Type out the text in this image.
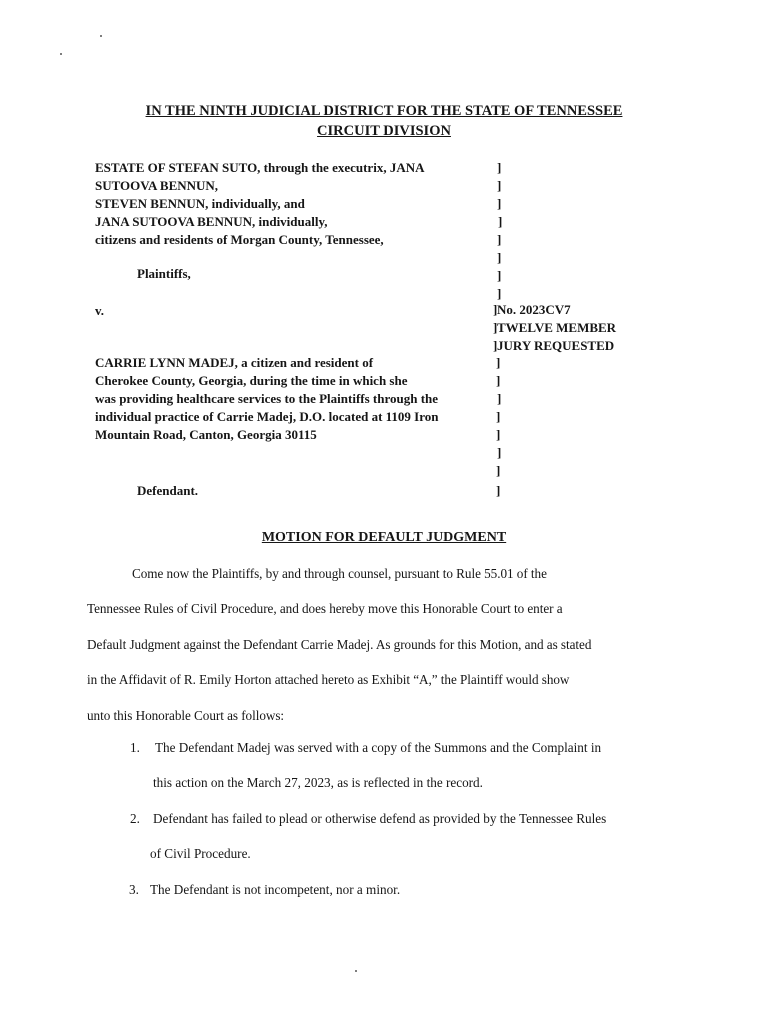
IN THE NINTH JUDICIAL DISTRICT FOR THE STATE OF TENNESSEE
CIRCUIT DIVISION
ESTATE OF STEFAN SUTO, through the executrix, JANA
SUTOOVA BENNUN,
STEVEN BENNUN, individually, and
JANA SUTOOVA BENNUN, individually,
citizens and residents of Morgan County, Tennessee,
Plaintiffs,
v.
CARRIE LYNN MADEJ, a citizen and resident of
Cherokee County, Georgia, during the time in which she
was providing healthcare services to the Plaintiffs through the
individual practice of Carrie Madej, D.O. located at 1109 Iron
Mountain Road, Canton, Georgia 30115
Defendant.
]
]
]
]
]
]
]
]
]
]
]
]
]
]
]
]
]
]
]
No. 2023CV7
TWELVE MEMBER
JURY REQUESTED
MOTION FOR DEFAULT JUDGMENT
Come now the Plaintiffs, by and through counsel, pursuant to Rule 55.01 of the
Tennessee Rules of Civil Procedure, and does hereby move this Honorable Court to enter a
Default Judgment against the Defendant Carrie Madej. As grounds for this Motion, and as stated
in the Affidavit of R. Emily Horton attached hereto as Exhibit “A,” the Plaintiff would show
unto this Honorable Court as follows:
1. The Defendant Madej was served with a copy of the Summons and the Complaint in
this action on the March 27, 2023, as is reflected in the record.
2. Defendant has failed to plead or otherwise defend as provided by the Tennessee Rules
of Civil Procedure.
3. The Defendant is not incompetent, nor a minor.
